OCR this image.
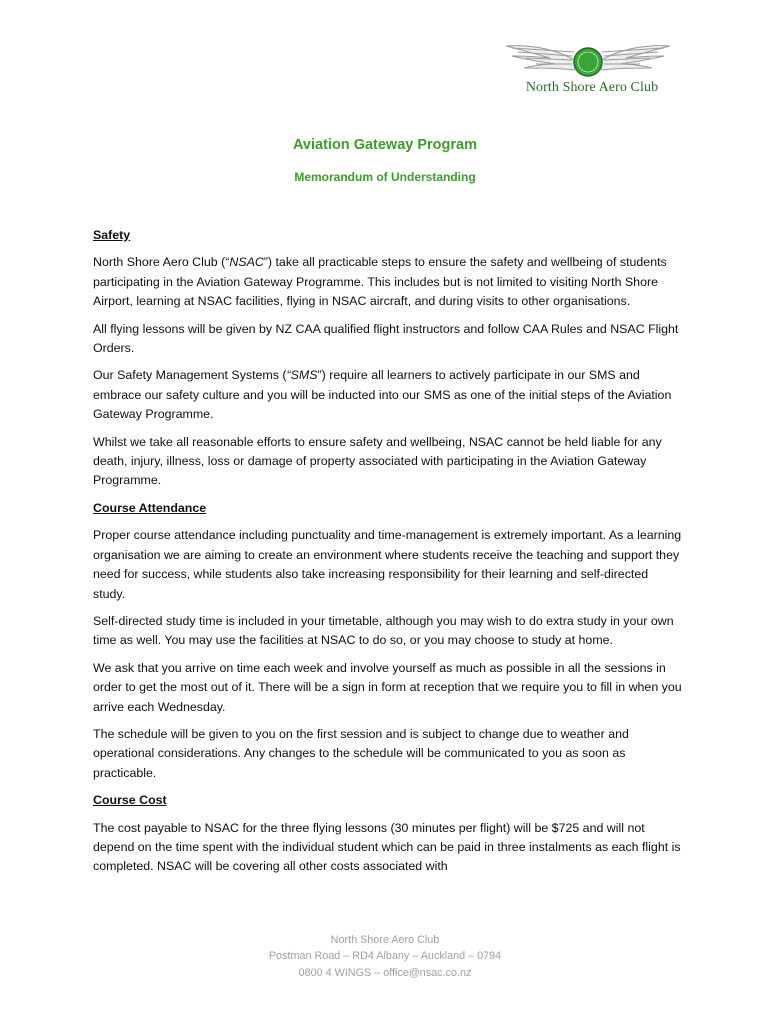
North Shore Aero Club
Aviation Gateway Program
Memorandum of Understanding
Safety

North Shore Aero Club (“NSAC”) take all practicable steps to ensure the safety and wellbeing of students participating in the Aviation Gateway Programme. This includes but is not limited to visiting North Shore Airport, learning at NSAC facilities, flying in NSAC aircraft, and during visits to other organisations.

All flying lessons will be given by NZ CAA qualified flight instructors and follow CAA Rules and NSAC Flight Orders.

Our Safety Management Systems (“SMS”) require all learners to actively participate in our SMS and embrace our safety culture and you will be inducted into our SMS as one of the initial steps of the Aviation Gateway Programme.

Whilst we take all reasonable efforts to ensure safety and wellbeing, NSAC cannot be held liable for any death, injury, illness, loss or damage of property associated with participating in the Aviation Gateway Programme.

Course Attendance

Proper course attendance including punctuality and time-management is extremely important. As a learning organisation we are aiming to create an environment where students receive the teaching and support they need for success, while students also take increasing responsibility for their learning and self-directed study.

Self-directed study time is included in your timetable, although you may wish to do extra study in your own time as well. You may use the facilities at NSAC to do so, or you may choose to study at home.

We ask that you arrive on time each week and involve yourself as much as possible in all the sessions in order to get the most out of it. There will be a sign in form at reception that we require you to fill in when you arrive each Wednesday.

The schedule will be given to you on the first session and is subject to change due to weather and operational considerations. Any changes to the schedule will be communicated to you as soon as practicable.

Course Cost

The cost payable to NSAC for the three flying lessons (30 minutes per flight) will be $725 and will not depend on the time spent with the individual student which can be paid in three instalments as each flight is completed. NSAC will be covering all other costs associated with

North Shore Aero Club
Postman Road – RD4 Albany – Auckland – 0794
0800 4 WINGS – office@nsac.co.nz
